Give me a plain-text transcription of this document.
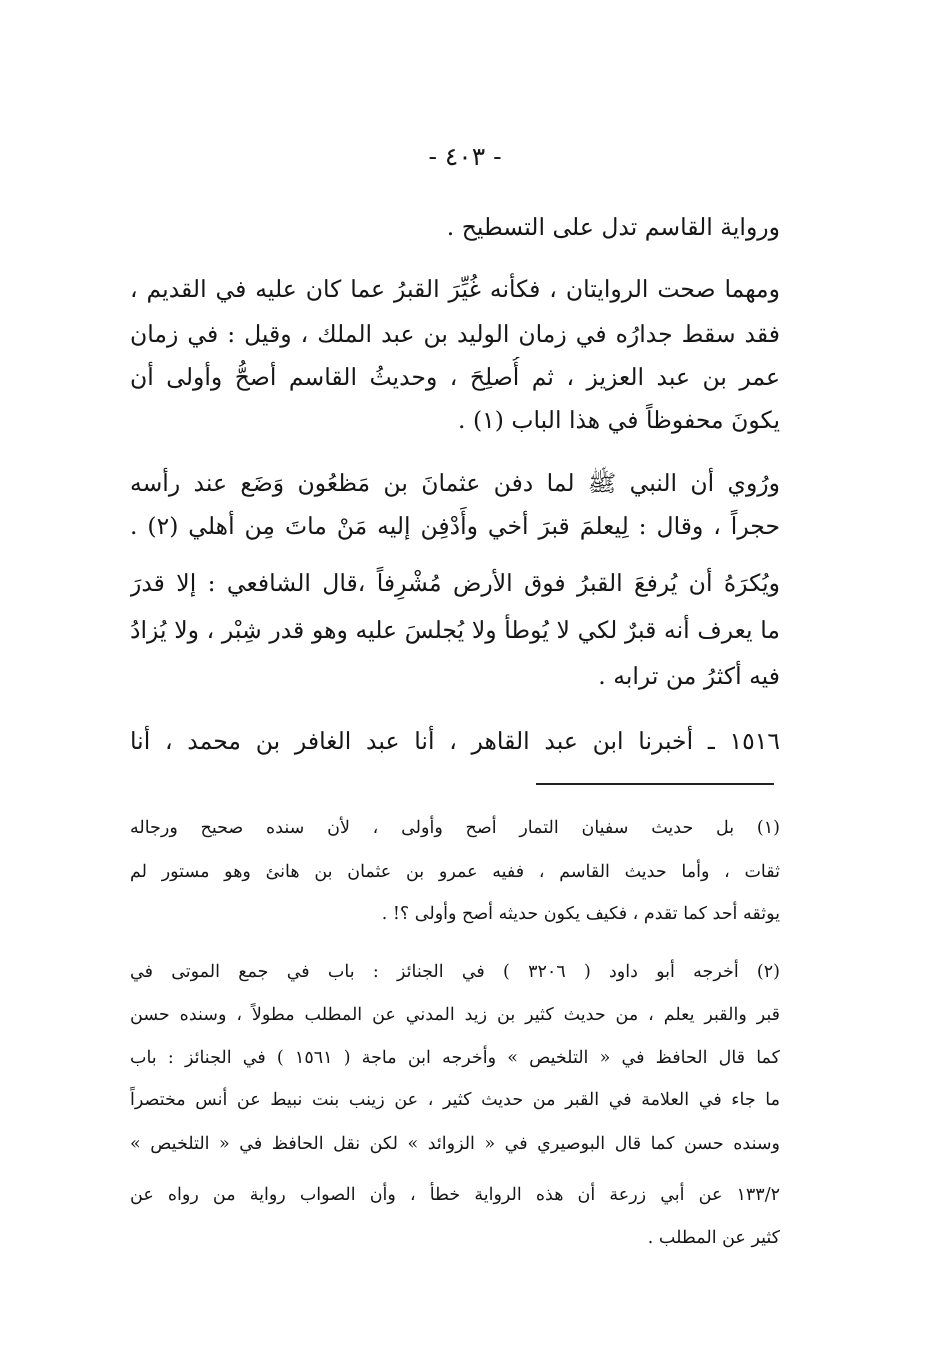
- ٤٠٣ -
ورواية القاسم تدل على التسطيح .
ومهما صحت الروايتان ، فكأنه غُيِّرَ القبرُ عما كان عليه في القديم ،
فقد سقط جدارُه في زمان الوليد بن عبد الملك ، وقيل : في زمان
عمر بن عبد العزيز ، ثم أُصلِحَ ، وحديثُ القاسم أصحُّ وأولى أن
يكونَ محفوظاً في هذا الباب (١) .
ورُوي أن النبي ﷺ لما دفن عثمانَ بن مَظعُون وَضَع عند رأسه
حجراً ، وقال : لِيعلمَ قبرَ أخي وأَدْفِن إليه مَنْ ماتَ مِن أهلي (٢) .
ويُكرَهُ أن يُرفعَ القبرُ فوق الأرض مُشْرِفاً ،قال الشافعي : إلا قدرَ
ما يعرف أنه قبرٌ لكي لا يُوطأ ولا يُجلسَ عليه وهو قدر شِبْر ، ولا يُزادُ
فيه أكثرُ من ترابه .
١٥١٦ ـ أخبرنا ابن عبد القاهر ، أنا عبد الغافر بن محمد ، أنا
(١) بل حديث سفيان التمار أصح وأولى ، لأن سنده صحيح ورجاله
ثقات ، وأما حديث القاسم ، ففيه عمرو بن عثمان بن هانئ وهو مستور لم
يوثقه أحد كما تقدم ، فكيف يكون حديثه أصح وأولى ؟! .
(٢) أخرجه أبو داود ( ٣٢٠٦ ) في الجنائز : باب في جمع الموتى في
قبر والقبر يعلم ، من حديث كثير بن زيد المدني عن المطلب مطولاً ، وسنده حسن
كما قال الحافظ في « التلخيص » وأخرجه ابن ماجة ( ١٥٦١ ) في الجنائز : باب
ما جاء في العلامة في القبر من حديث كثير ، عن زينب بنت نبيط عن أنس مختصراً
وسنده حسن كما قال البوصيري في « الزوائد » لكن نقل الحافظ في « التلخيص »
١٣٣/٢ عن أبي زرعة أن هذه الرواية خطأ ، وأن الصواب رواية من رواه عن
كثير عن المطلب .
